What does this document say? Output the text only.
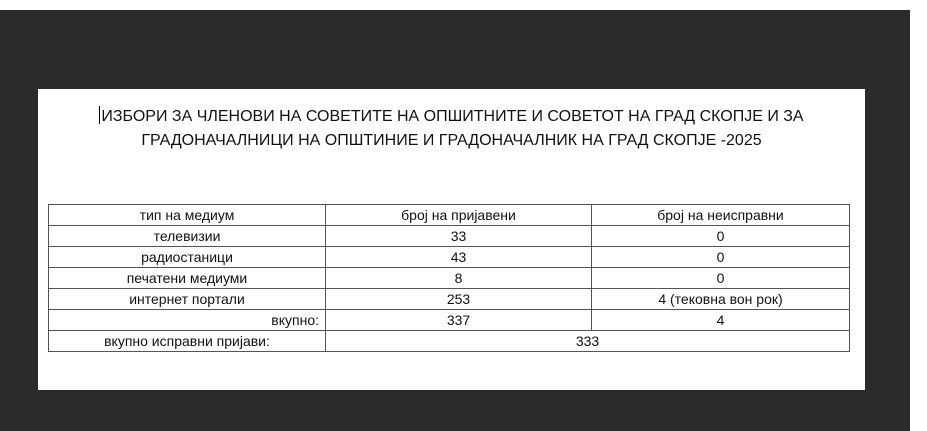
ИЗБОРИ ЗА ЧЛЕНОВИ НА СОВЕТИТЕ НА ОПШИТНИТЕ И СОВЕТОТ НА ГРАД СКОПЈЕ И ЗА
ГРАДОНАЧАЛНИЦИ НА ОПШТИНИЕ И ГРАДОНАЧАЛНИК НА ГРАД СКОПЈЕ -2025
тип на медиум	број на пријавени	број на неисправни
телевизии	33	0
радиостаници	43	0
печатени медиуми	8	0
интернет портали	253	4 (тековна вон рок)
вкупно:	337	4
вкупно исправни пријави:	333	
